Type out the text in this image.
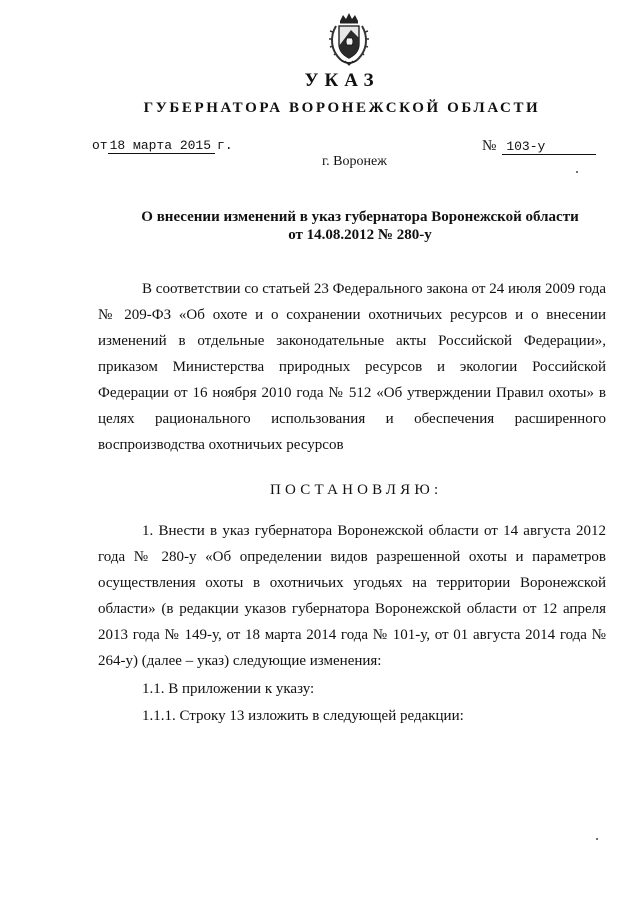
УКАЗ
ГУБЕРНАТОРА ВОРОНЕЖСКОЙ ОБЛАСТИ
от 18 марта 2015 г.	№ 103-у
г. Воронеж
О внесении изменений в указ губернатора Воронежской области
от 14.08.2012 № 280-у

В соответствии со статьей 23 Федерального закона от 24 июля 2009 года № 209-ФЗ «Об охоте и о сохранении охотничьих ресурсов и о внесении изменений в отдельные законодательные акты Российской Федерации», приказом Министерства природных ресурсов и экологии Российской Федерации от 16 ноября 2010 года № 512 «Об утверждении Правил охоты» в целях рационального использования и обеспечения расширенного воспроизводства охотничьих ресурсов

ПОСТАНОВЛЯЮ:

1. Внести в указ губернатора Воронежской области от 14 августа 2012 года № 280-у «Об определении видов разрешенной охоты и параметров осуществления охоты в охотничьих угодьях на территории Воронежской области» (в редакции указов губернатора Воронежской области от 12 апреля 2013 года № 149-у, от 18 марта 2014 года № 101-у, от 01 августа 2014 года № 264-у) (далее – указ) следующие изменения:

1.1. В приложении к указу:
1.1.1. Строку 13 изложить в следующей редакции:
